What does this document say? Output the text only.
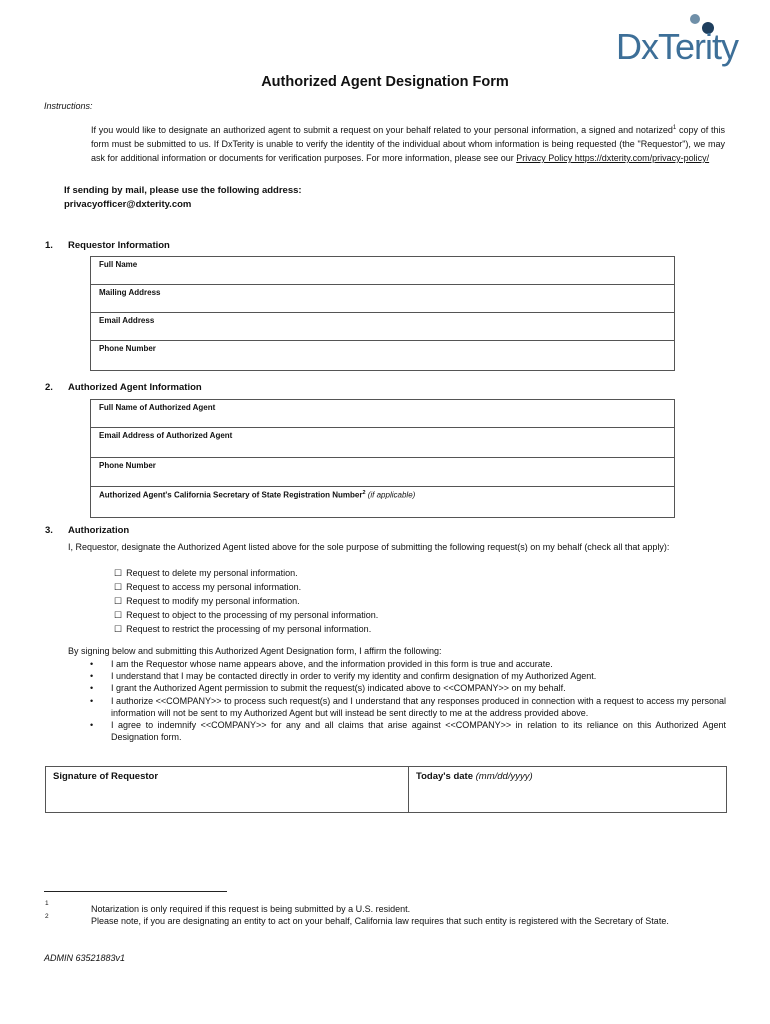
DxTerity
Authorized Agent Designation Form
Instructions:
If you would like to designate an authorized agent to submit a request on your behalf related to your personal information, a signed and notarized$^1$ copy of this form must be submitted to us. If DxTerity is unable to verify the identity of the individual about whom information is being requested (the "Requestor"), we may ask for additional information or documents for verification purposes. For more information, please see our Privacy Policy https://dxterity.com/privacy-policy/
If sending by mail, please use the following address:
privacyofficer@dxterity.com
1. Requestor Information
Full Name
Mailing Address
Email Address
Phone Number
2. Authorized Agent Information
Full Name of Authorized Agent
Email Address of Authorized Agent
Phone Number
Authorized Agent's California Secretary of State Registration Number$^2$ (if applicable)
3. Authorization
I, Requestor, designate the Authorized Agent listed above for the sole purpose of submitting the following request(s) on my behalf (check all that apply):
☐ Request to delete my personal information.
☐ Request to access my personal information.
☐ Request to modify my personal information.
☐ Request to object to the processing of my personal information.
☐ Request to restrict the processing of my personal information.
By signing below and submitting this Authorized Agent Designation form, I affirm the following:
• I am the Requestor whose name appears above, and the information provided in this form is true and accurate.
• I understand that I may be contacted directly in order to verify my identity and confirm designation of my Authorized Agent.
• I grant the Authorized Agent permission to submit the request(s) indicated above to <<COMPANY>> on my behalf.
• I authorize <<COMPANY>> to process such request(s) and I understand that any responses produced in connection with a request to access my personal information will not be sent to my Authorized Agent but will instead be sent directly to me at the address provided above.
• I agree to indemnify <<COMPANY>> for any and all claims that arise against <<COMPANY>> in relation to its reliance on this Authorized Agent Designation form.
Signature of Requestor	Today's date (mm/dd/yyyy)
1
Notarization is only required if this request is being submitted by a U.S. resident.
2	Please note, if you are designating an entity to act on your behalf, California law requires that such entity is registered with the Secretary of State.
ADMIN 63521883v1
